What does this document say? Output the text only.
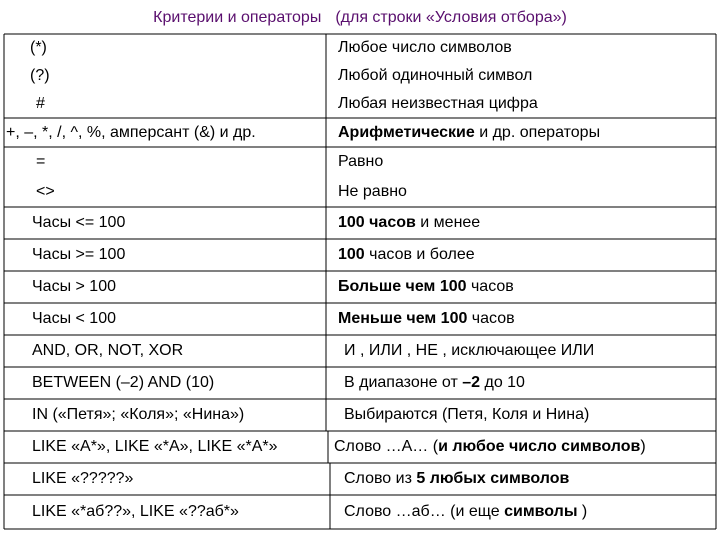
Критерии и операторы (для строки «Условия отбора»)
(*)	Любое число символов
(?)	Любой одиночный символ
#	Любая неизвестная цифра
+, –, *, /, ^, %, амперсант (&) и др.	Арифметические и др. операторы
=	Равно
<>	Не равно
Часы <= 100	100 часов и менее
Часы >= 100	100 часов и более
Часы > 100	Больше чем 100 часов
Часы < 100	Меньше чем 100 часов
AND, OR, NOT, XOR	И , ИЛИ , НЕ , исключающее ИЛИ
BETWEEN (–2) AND (10)	В диапазоне от –2 до 10
IN («Петя»; «Коля»; «Нина»)	Выбираются (Петя, Коля и Нина)
LIKE «А*», LIKE «*А», LIKE «*А*»	Слово …А… ( и любое число символов )
LIKE «?????»	Слово из 5 любых символов
LIKE «*аб??», LIKE «??аб*»	Слово …аб… (и еще символы )
